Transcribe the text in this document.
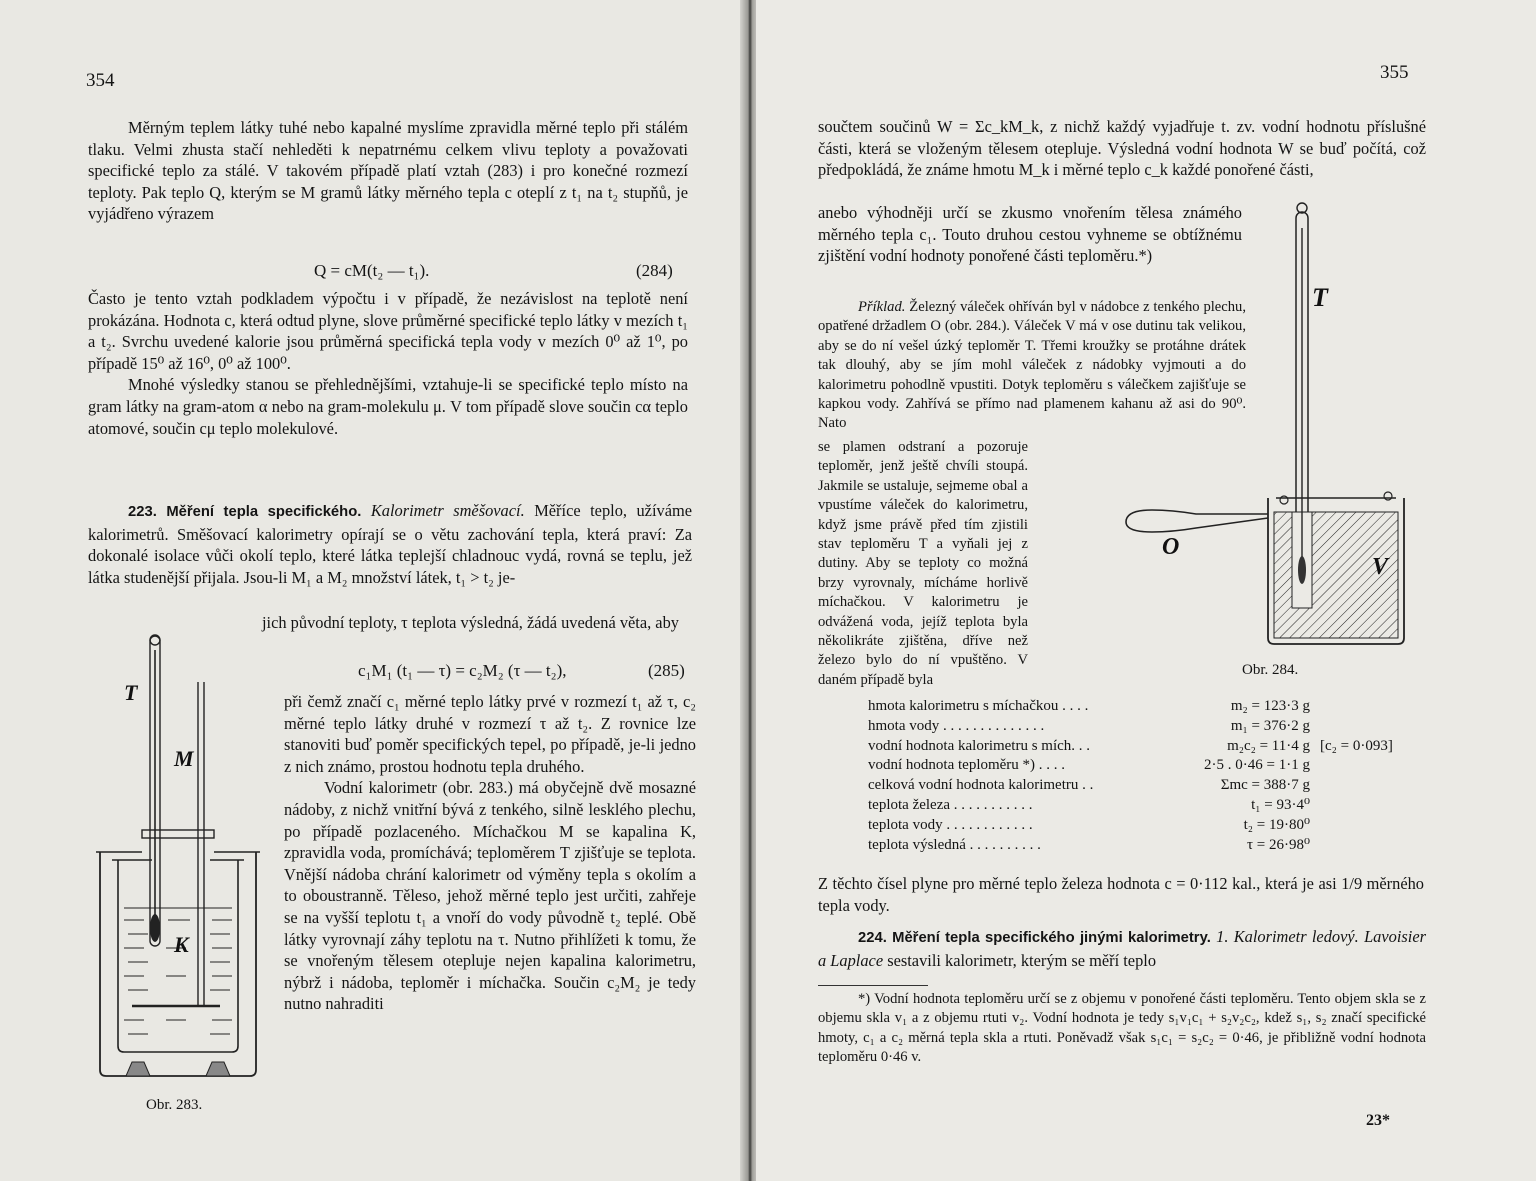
354

Měrným teplem látky tuhé nebo kapalné myslíme zpravidla měrné teplo při stálém tlaku. Velmi zhusta stačí nehleděti k nepatrnému celkem vlivu teploty a považovati specifické teplo za stálé. V takovém případě platí vztah (283) i pro konečné rozmezí teploty. Pak teplo Q, kterým se M gramů látky měrného tepla c oteplí z t₁ na t₂ stupňů, je vyjádřeno výrazem

Q = cM(t₂ — t₁).	(284)

Často je tento vztah podkladem výpočtu i v případě, že nezávislost na teplotě není prokázána. Hodnota c, která odtud plyne, slove průměrné specifické teplo látky v mezích t₁ a t₂. Svrchu uvedené kalorie jsou průměrná specifická tepla vody v mezích 0⁰ až 1⁰, po případě 15⁰ až 16⁰, 0⁰ až 100⁰.

Mnohé výsledky stanou se přehlednějšími, vztahuje-li se specifické teplo místo na gram látky na gram-atom α nebo na gram-molekulu μ. V tom případě slove součin cα teplo atomové, součin cμ teplo molekulové.

223. Měření tepla specifického. Kalorimetr směšovací. Měříce teplo, užíváme kalorimetrů. Směšovací kalorimetry opírají se o větu zachování tepla, která praví: Za dokonalé isolace vůči okolí teplo, které látka teplejší chladnouc vydá, rovná se teplu, jež látka studenější přijala. Jsou-li M₁ a M₂ množství látek, t₁ > t₂ je-

jich původní teploty, τ teplota výsledná, žádá uvedená věta, aby

c₁M₁ (t₁ — τ) = c₂M₂ (τ — t₂),	(285)

při čemž značí c₁ měrné teplo látky prvé v rozmezí t₁ až τ, c₂ měrné teplo látky druhé v rozmezí τ až t₂. Z rovnice lze stanoviti buď poměr specifických tepel, po případě, je-li jedno z nich známo, prostou hodnotu tepla druhého.

Vodní kalorimetr (obr. 283.) má obyčejně dvě mosazné nádoby, z nichž vnitřní bývá z tenkého, silně lesklého plechu, po případě pozlaceného. Míchačkou M se kapalina K, zpravidla voda, promíchává; teploměrem T zjišťuje se teplota. Vnější nádoba chrání kalorimetr od výměny tepla s okolím a to oboustranně. Těleso, jehož měrné teplo jest určiti, zahřeje se na vyšší teplotu t₁ a vnoří do vody původně t₂ teplé. Obě látky vyrovnají záhy teplotu na τ. Nutno přihlížeti k tomu, že se vnořeným tělesem otepluje nejen kapalina kalorimetru, nýbrž i nádoba, teploměr i míchačka. Součin c₂M₂ je tedy nutno nahraditi

T
M
K
Obr. 283.
355

součtem součinů W = Σc_kM_k, z nichž každý vyjadřuje t. zv. vodní hodnotu příslušné části, která se vloženým tělesem otepluje. Výsledná vodní hodnota W se buď počítá, což předpokládá, že známe hmotu M_k i měrné teplo c_k každé ponořené části,

anebo výhodněji určí se zkusmo vnořením tělesa známého měrného tepla c₁. Touto druhou cestou vyhneme se obtížnému zjištění vodní hodnoty ponořené části teploměru.*)

Příklad. Železný váleček ohříván byl v nádobce z tenkého plechu, opatřené držadlem O (obr. 284.). Váleček V má v ose dutinu tak velikou, aby se do ní vešel úzký teploměr T. Třemi kroužky se protáhne drátek tak dlouhý, aby se jím mohl váleček z nádobky vyjmouti a do kalorimetru pohodlně vpustiti. Dotyk teploměru s válečkem zajišťuje se kapkou vody. Zahřívá se přímo nad plamenem kahanu až asi do 90⁰. Nato

se plamen odstraní a pozoruje teploměr, jenž ještě chvíli stoupá. Jakmile se ustaluje, sejmeme obal a vpustíme váleček do kalorimetru, když jsme právě před tím zjistili stav teploměru T a vyňali jej z dutiny. Aby se teploty co možná brzy vyrovnaly, mícháme horlivě míchačkou. V kalorimetru je odvážená voda, jejíž teplota byla několikráte zjištěna, dříve než železo bylo do ní vpuštěno. V daném případě byla

T
O
V
Obr. 284.
hmota kalorimetru s míchačkou . . . .	m₂ = 123·3 g
hmota vody . . . . . . . . . . . . . .	m₁ = 376·2 g
vodní hodnota kalorimetru s mích. . .	m₂c₂ = 11·4 g [c₂ = 0·093]
vodní hodnota teploměru *) . . . .	2·5 . 0·46 = 1·1 g
celková vodní hodnota kalorimetru . .	Σmc = 388·7 g
teplota železa . . . . . . . . . . .	t₁ = 93·4⁰
teplota vody . . . . . . . . . . . .	t₂ = 19·80⁰
teplota výsledná . . . . . . . . . .	τ = 26·98⁰

Z těchto čísel plyne pro měrné teplo železa hodnota c = 0·112 kal., která je asi 1/9 měrného tepla vody.

224. Měření tepla specifického jinými kalorimetry. 1. Kalorimetr ledový. Lavoisier a Laplace sestavili kalorimetr, kterým se měří teplo

*) Vodní hodnota teploměru určí se z objemu v ponořené části teploměru. Tento objem skla se z objemu skla v₁ a z objemu rtuti v₂. Vodní hodnota je tedy s₁v₁c₁ + s₂v₂c₂, kdež s₁, s₂ značí specifické hmoty, c₁ a c₂ měrná tepla skla a rtuti. Poněvadž však s₁c₁ = s₂c₂ = 0·46, je přibližně vodní hodnota teploměru 0·46 v.

23*
